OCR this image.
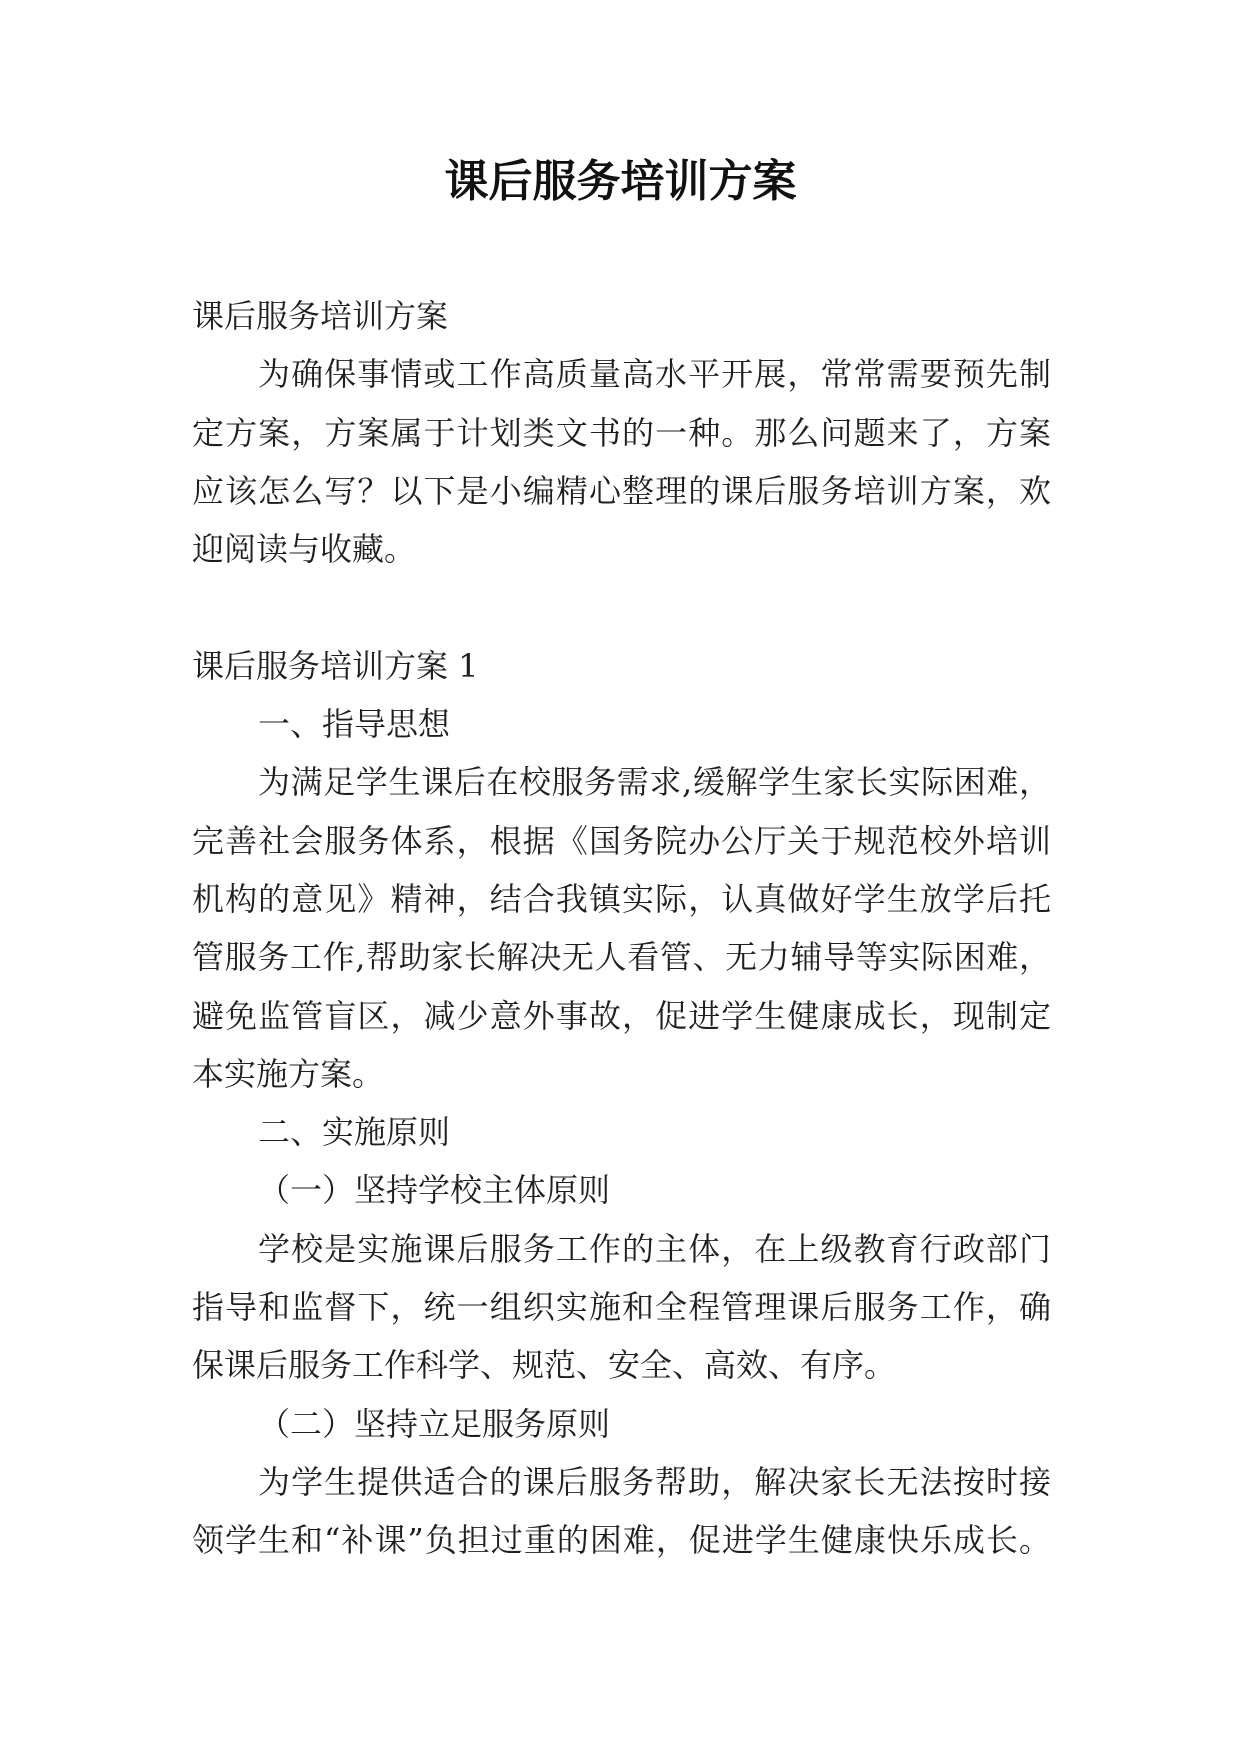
课后服务培训方案
课后服务培训方案
为确保事情或工作高质量高水平开展，常常需要预先制
定方案，方案属于计划类文书的一种。那么问题来了，方案
应该怎么写？以下是小编精心整理的课后服务培训方案，欢
迎阅读与收藏。
课后服务培训方案 1
一、指导思想
为满足学生课后在校服务需求,缓解学生家长实际困难，
完善社会服务体系，根据《国务院办公厅关于规范校外培训
机构的意见》精神，结合我镇实际，认真做好学生放学后托
管服务工作,帮助家长解决无人看管、无力辅导等实际困难，
避免监管盲区，减少意外事故，促进学生健康成长，现制定
本实施方案。
二、实施原则
（一）坚持学校主体原则
学校是实施课后服务工作的主体，在上级教育行政部门
指导和监督下，统一组织实施和全程管理课后服务工作，确
保课后服务工作科学、规范、安全、高效、有序。
（二）坚持立足服务原则
为学生提供适合的课后服务帮助，解决家长无法按时接
领学生和“补课”负担过重的困难，促进学生健康快乐成长。
